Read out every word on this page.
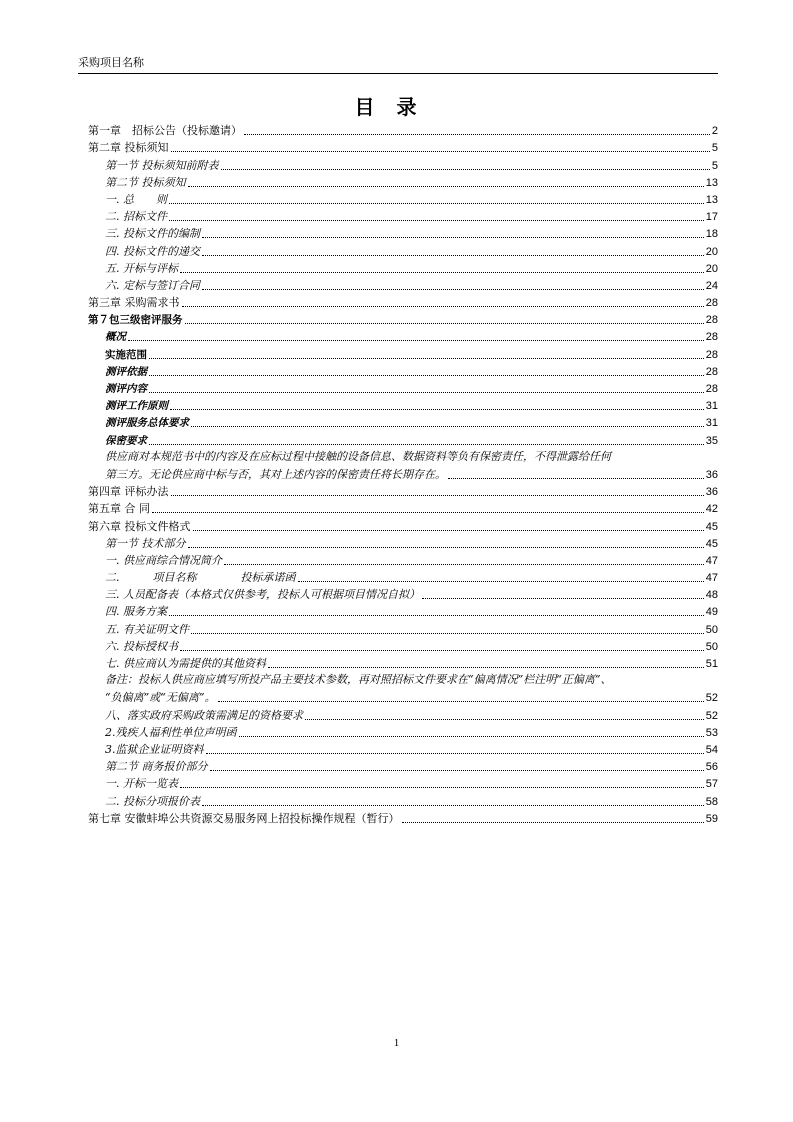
采购项目名称
目录
第一章　招标公告（投标邀请）	2
第二章 投标须知	5
第一节 投标须知前附表	5
第二节 投标须知	13
一. 总　　则	13
二. 招标文件	17
三. 投标文件的编制	18
四. 投标文件的递交	20
五. 开标与评标	20
六. 定标与签订合同	24
第三章 采购需求书	28
第７包三级密评服务	28
概况	28
实施范围	28
测评依据	28
测评内容	28
测评工作原则	31
测评服务总体要求	31
保密要求	35
供应商对本规范书中的内容及在应标过程中接触的设备信息、数据资料等负有保密责任，不得泄露给任何
第三方。无论供应商中标与否，其对上述内容的保密责任将长期存在。	36
第四章 评标办法	36
第五章 合 同	42
第六章 投标文件格式	45
第一节 技术部分	45
一. 供应商综合情况简介	47
二.　　　项目名称　　　　投标承诺函	47
三. 人员配备表（本格式仅供参考，投标人可根据项目情况自拟）	48
四. 服务方案	49
五. 有关证明文件	50
六. 投标授权书	50
七. 供应商认为需提供的其他资料	51
备注：投标人供应商应填写所投产品主要技术参数，再对照招标文件要求在“偏离情况”栏注明“正偏离”、
“负偏离”或“无偏离”。	52
八、落实政府采购政策需满足的资格要求	52
2.残疾人福利性单位声明函	53
3.监狱企业证明资料	54
第二节 商务报价部分	56
一. 开标一览表	57
二. 投标分项报价表	58
第七章 安徽蚌埠公共资源交易服务网上招投标操作规程（暂行）	59
1
